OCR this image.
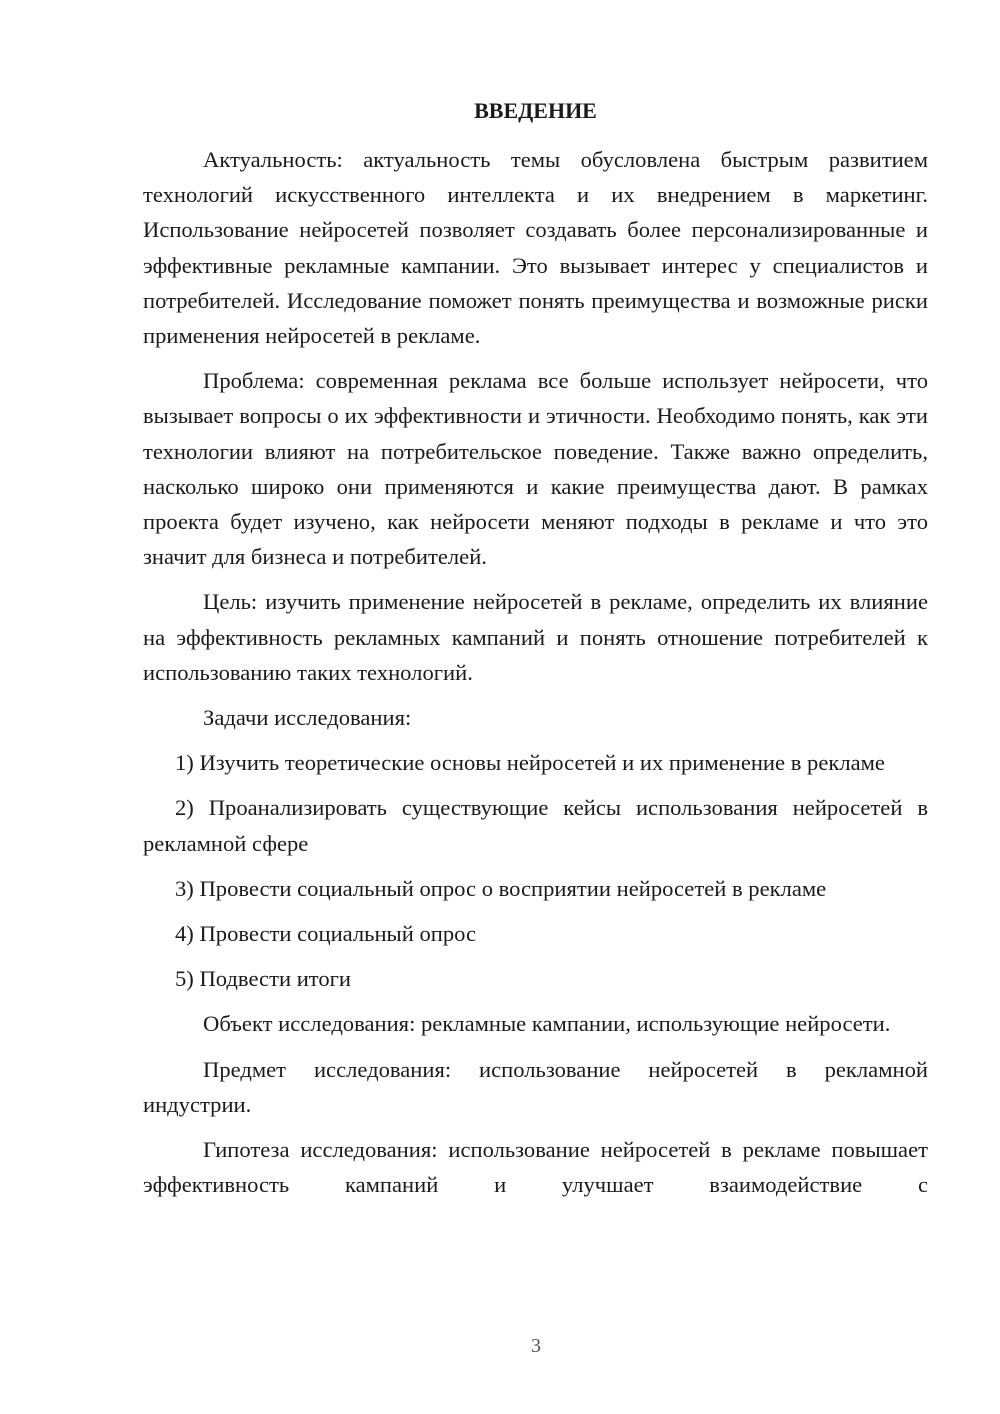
ВВЕДЕНИЕ

Актуальность: актуальность темы обусловлена быстрым развитием технологий искусственного интеллекта и их внедрением в маркетинг. Использование нейросетей позволяет создавать более персонализированные и эффективные рекламные кампании. Это вызывает интерес у специалистов и потребителей. Исследование поможет понять преимущества и возможные риски применения нейросетей в рекламе.

Проблема: современная реклама все больше использует нейросети, что вызывает вопросы о их эффективности и этичности. Необходимо понять, как эти технологии влияют на потребительское поведение. Также важно определить, насколько широко они применяются и какие преимущества дают. В рамках проекта будет изучено, как нейросети меняют подходы в рекламе и что это значит для бизнеса и потребителей.

Цель: изучить применение нейросетей в рекламе, определить их влияние на эффективность рекламных кампаний и понять отношение потребителей к использованию таких технологий.

Задачи исследования:

1) Изучить теоретические основы нейросетей и их применение в рекламе

2) Проанализировать существующие кейсы использования нейросетей в рекламной сфере

3) Провести социальный опрос о восприятии нейросетей в рекламе

4) Провести социальный опрос

5) Подвести итоги

Объект исследования: рекламные кампании, использующие нейросети.

Предмет исследования: использование нейросетей в рекламной индустрии.

Гипотеза исследования: использование нейросетей в рекламе повышает эффективность кампаний и улучшает взаимодействие с

3
